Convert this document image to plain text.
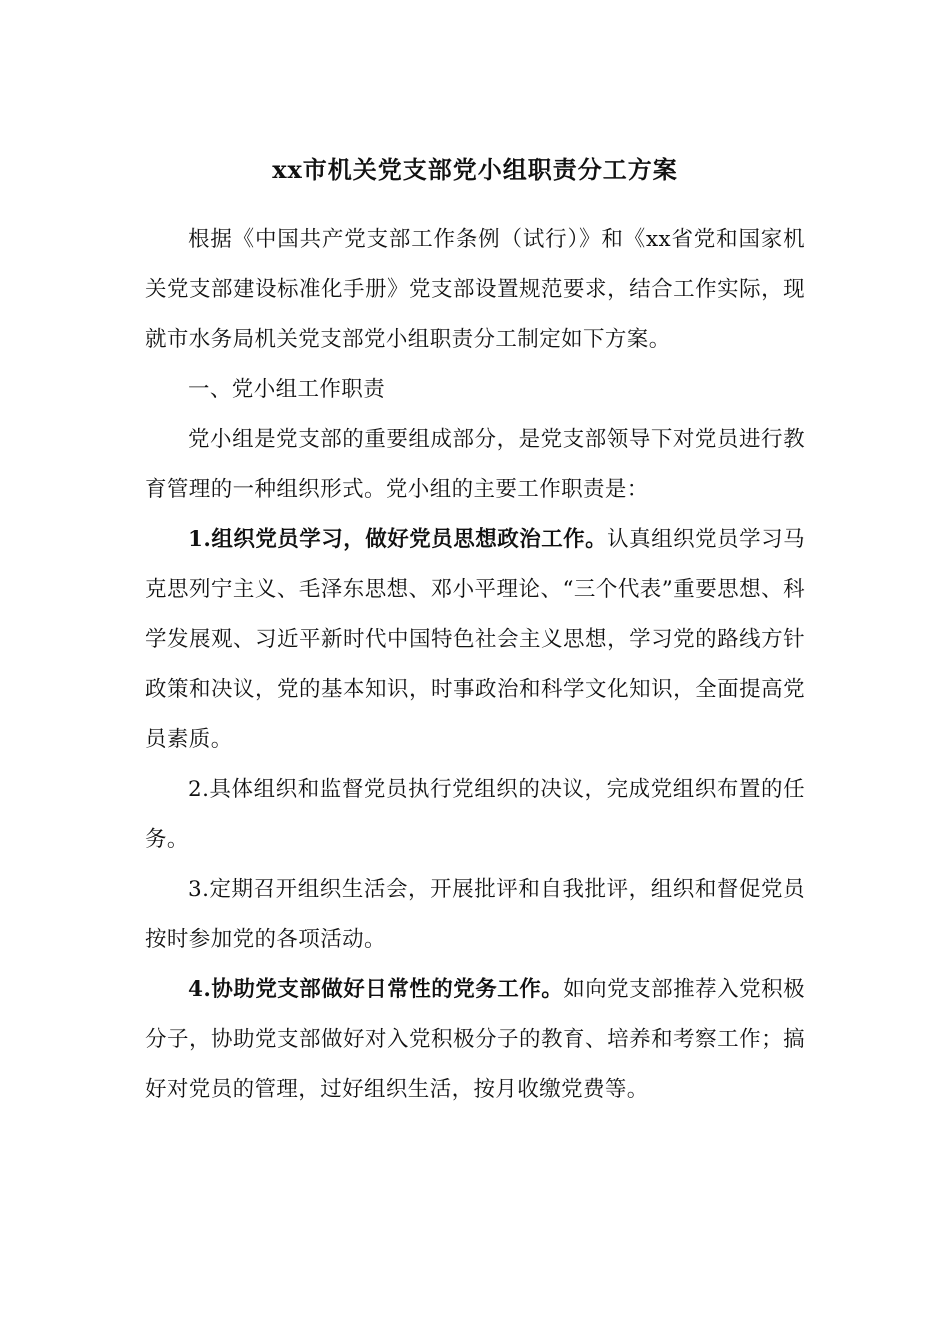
xx市机关党支部党小组职责分工方案

根据《中国共产党支部工作条例（试行）》和《xx省党和国家机关党支部建设标准化手册》党支部设置规范要求，结合工作实际，现就市水务局机关党支部党小组职责分工制定如下方案。

一、党小组工作职责

党小组是党支部的重要组成部分，是党支部领导下对党员进行教育管理的一种组织形式。党小组的主要工作职责是：

1.组织党员学习，做好党员思想政治工作。认真组织党员学习马克思列宁主义、毛泽东思想、邓小平理论、“三个代表”重要思想、科学发展观、习近平新时代中国特色社会主义思想，学习党的路线方针政策和决议，党的基本知识，时事政治和科学文化知识，全面提高党员素质。

2.具体组织和监督党员执行党组织的决议，完成党组织布置的任务。

3.定期召开组织生活会，开展批评和自我批评，组织和督促党员按时参加党的各项活动。

4.协助党支部做好日常性的党务工作。如向党支部推荐入党积极分子，协助党支部做好对入党积极分子的教育、培养和考察工作；搞好对党员的管理，过好组织生活，按月收缴党费等。
